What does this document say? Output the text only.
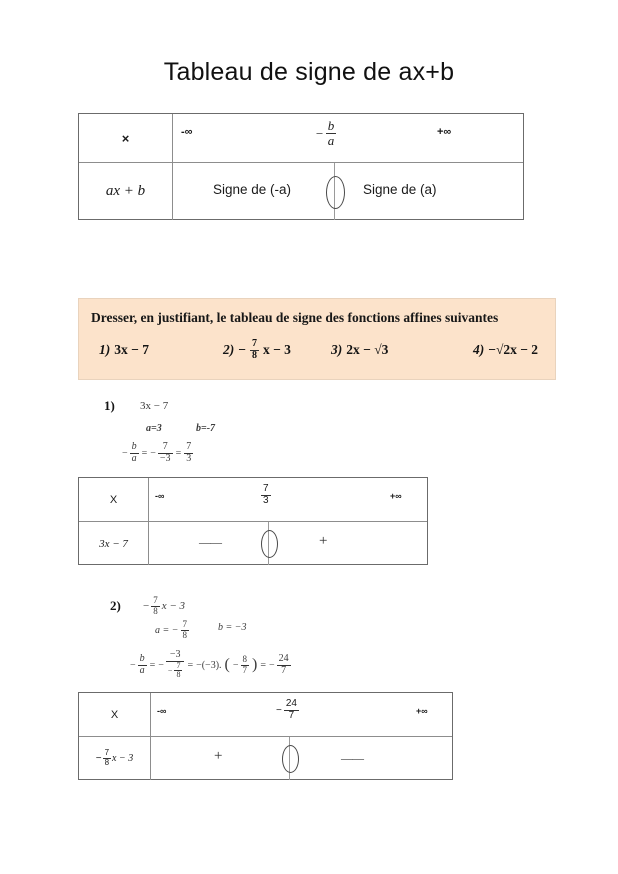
Tableau de signe de ax+b
×	-∞	− $\frac{b}{a}$	+∞
ax + b	Signe de (-a)	Signe de (a)
Dresser, en justifiant, le tableau de signe des fonctions affines suivantes
1) 3x − 7	$2) - \frac{7}{8}$ x − 3	3) 2x − √3	4) −√2x − 2
1) 3x − 7
a=3	b=-7
− $\frac{b}{a}$ = − $\frac{7}{-3} = \frac{7}{3}$
X	-∞	$\frac{7}{3}$	+∞
3x − 7	——	+
$2) - \frac{7}{8}$ x − 3
a = − $\frac{7}{8}$	b = −3
− $\frac{b}{a}$ = − $\frac{-3}{- \frac{7}{8}} = -(-3)$. ( − $\frac{8}{7}$ ) = − $\frac{24}{7}$
X	-∞	− $\frac{24}{7}$	+∞
− $\frac{7}{8}$ x − 3	+	——
